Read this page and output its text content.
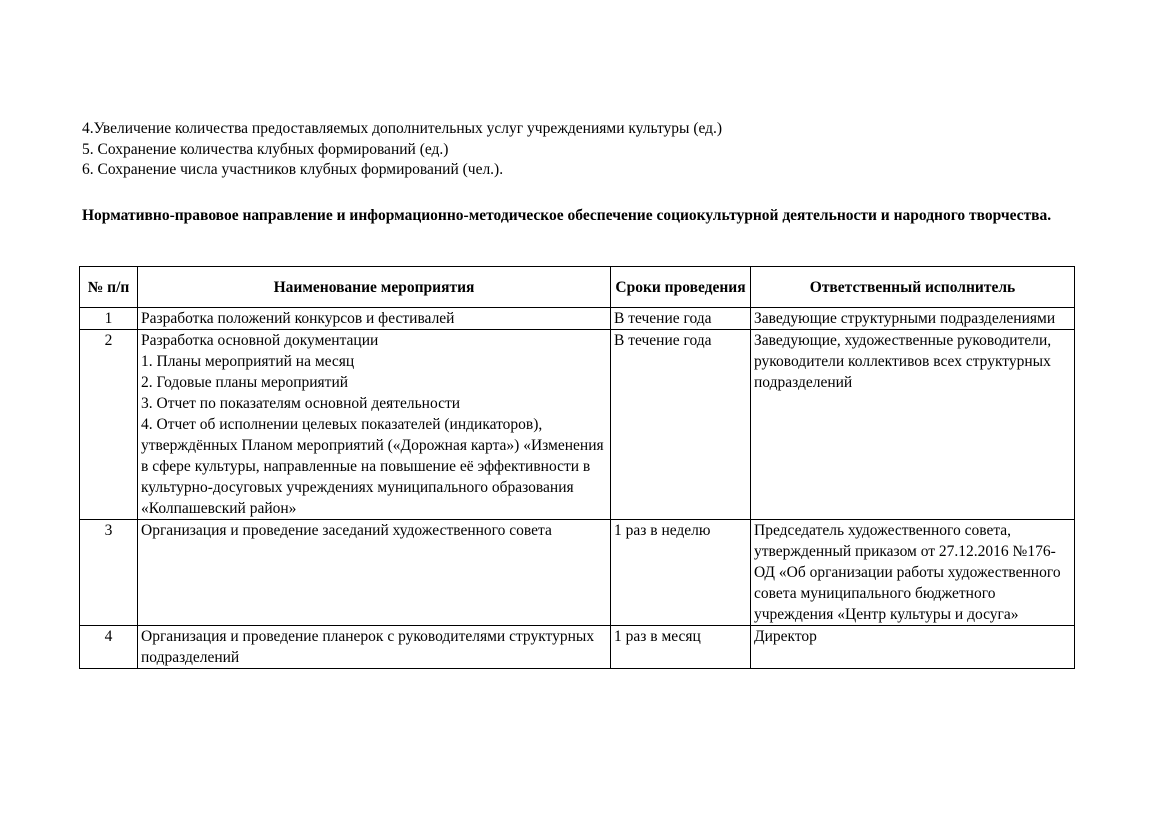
4.Увеличение количества предоставляемых дополнительных услуг учреждениями культуры (ед.)
5. Сохранение количества клубных формирований (ед.)
6. Сохранение числа участников клубных формирований (чел.).
Нормативно-правовое направление и информационно-методическое обеспечение социокультурной деятельности и народного творчества.
№ п/п	Наименование мероприятия	Сроки проведения	Ответственный исполнитель
1	Разработка положений конкурсов и фестивалей	В течение года	Заведующие структурными подразделениями
2	Разработка основной документации
1. Планы мероприятий на месяц
2. Годовые планы мероприятий
3. Отчет по показателям основной деятельности
4. Отчет об исполнении целевых показателей (индикаторов), утверждённых Планом мероприятий («Дорожная карта») «Изменения в сфере культуры, направленные на повышение её эффективности в культурно-досуговых учреждениях муниципального образования «Колпашевский район»	В течение года	Заведующие, художественные руководители, руководители коллективов всех структурных подразделений
3	Организация и проведение заседаний художественного совета	1 раз в неделю	Председатель художественного совета, утвержденный приказом от 27.12.2016 №176-ОД «Об организации работы художественного совета муниципального бюджетного учреждения «Центр культуры и досуга»
4	Организация и проведение планерок с руководителями структурных подразделений	1 раз в месяц	Директор
